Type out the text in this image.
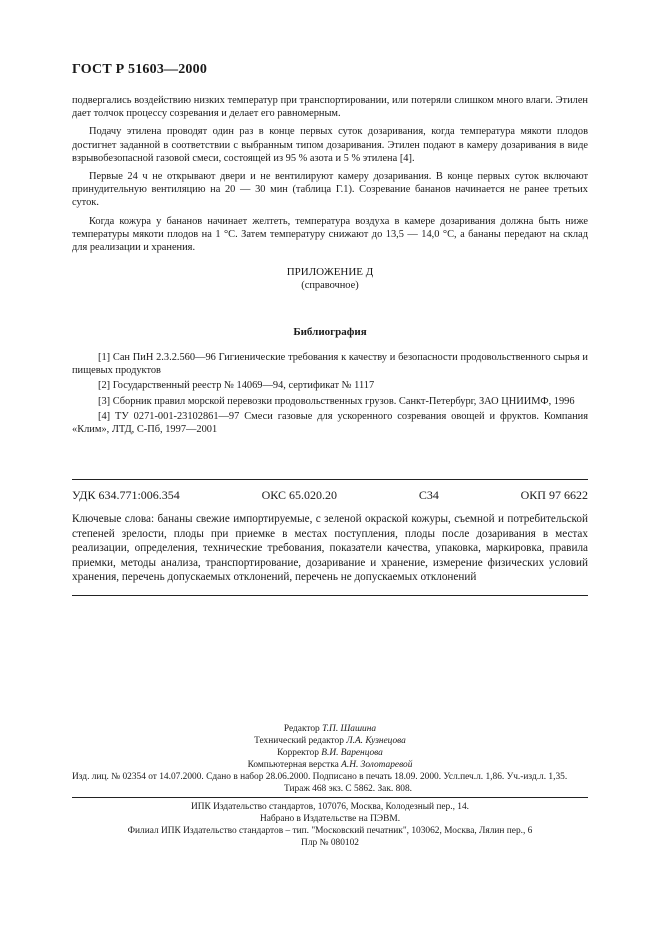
ГОСТ Р 51603—2000

подвергались воздействию низких температур при транспортировании, или потеряли слишком много влаги. Этилен дает толчок процессу созревания и делает его равномерным.

Подачу этилена проводят один раз в конце первых суток дозаривания, когда температура мякоти плодов достигнет заданной в соответствии с выбранным типом дозаривания. Этилен подают в камеру дозаривания в виде взрывобезопасной газовой смеси, состоящей из 95 % азота и 5 % этилена [4].

Первые 24 ч не открывают двери и не вентилируют камеру дозаривания. В конце первых суток включают принудительную вентиляцию на 20 — 30 мин (таблица Г.1). Созревание бананов начинается не ранее третьих суток.

Когда кожура у бананов начинает желтеть, температура воздуха в камере дозаривания должна быть ниже температуры мякоти плодов на 1 °С. Затем температуру снижают до 13,5 — 14,0 °С, а бананы передают на склад для реализации и хранения.

ПРИЛОЖЕНИЕ Д
(справочное)
Библиография

[1] Сан ПиН 2.3.2.560—96 Гигиенические требования к качеству и безопасности продовольственного сырья и пищевых продуктов

[2] Государственный реестр № 14069—94, сертификат № 1117

[3] Сборник правил морской перевозки продовольственных грузов. Санкт-Петербург, ЗАО ЦНИИМФ, 1996

[4] ТУ 0271-001-23102861—97 Смеси газовые для ускоренного созревания овощей и фруктов. Компания «Клим», ЛТД, С-Пб, 1997—2001

УДК 634.771:006.354	ОКС 65.020.20	С34	ОКП 97 6622
Ключевые слова: бананы свежие импортируемые, с зеленой окраской кожуры, съемной и потребительской степеней зрелости, плоды при приемке в местах поступления, плоды после дозаривания в местах реализации, определения, технические требования, показатели качества, упаковка, маркировка, правила приемки, методы анализа, транспортирование, дозаривание и хранение, измерение физических условий хранения, перечень допускаемых отклонений, перечень не допускаемых отклонений
Редактор Т.П. Шашина
Технический редактор Л.А. Кузнецова
Корректор В.И. Варенцова
Компьютерная верстка А.Н. Золотаревой
Изд. лиц. № 02354 от 14.07.2000. Сдано в набор 28.06.2000. Подписано в печать 18.09. 2000. Усл.печ.л. 1,86. Уч.-изд.л. 1,35.
Тираж 468 экз. С 5862. Зак. 808.
ИПК Издательство стандартов, 107076, Москва, Колодезный пер., 14.
Набрано в Издательстве на ПЭВМ.
Филиал ИПК Издательство стандартов – тип. "Московский печатник", 103062, Москва, Лялин пер., 6
Плр № 080102
